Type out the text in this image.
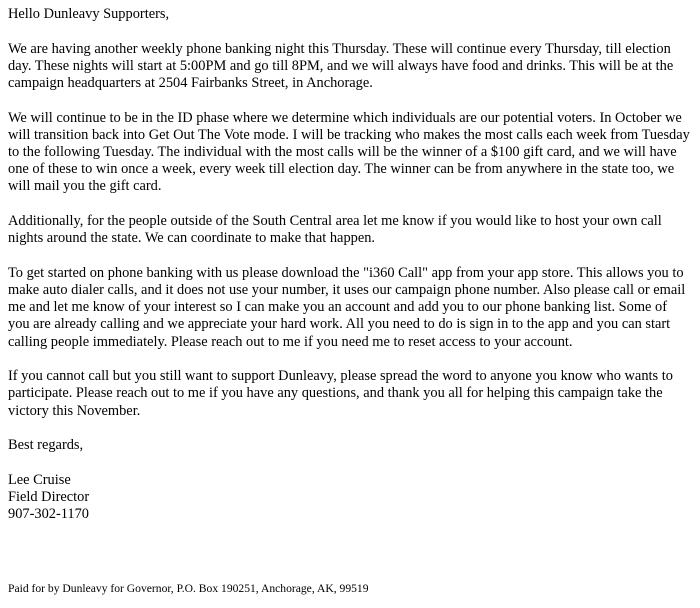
Hello Dunleavy Supporters,

We are having another weekly phone banking night this Thursday. These will continue every Thursday, till election day. These nights will start at 5:00PM and go till 8PM, and we will always have food and drinks. This will be at the campaign headquarters at 2504 Fairbanks Street, in Anchorage.

We will continue to be in the ID phase where we determine which individuals are our potential voters. In October we will transition back into Get Out The Vote mode. I will be tracking who makes the most calls each week from Tuesday to the following Tuesday. The individual with the most calls will be the winner of a $100 gift card, and we will have one of these to win once a week, every week till election day. The winner can be from anywhere in the state too, we will mail you the gift card.

Additionally, for the people outside of the South Central area let me know if you would like to host your own call nights around the state. We can coordinate to make that happen.

To get started on phone banking with us please download the "i360 Call" app from your app store. This allows you to make auto dialer calls, and it does not use your number, it uses our campaign phone number. Also please call or email me and let me know of your interest so I can make you an account and add you to our phone banking list. Some of you are already calling and we appreciate your hard work. All you need to do is sign in to the app and you can start calling people immediately. Please reach out to me if you need me to reset access to your account.

If you cannot call but you still want to support Dunleavy, please spread the word to anyone you know who wants to participate. Please reach out to me if you have any questions, and thank you all for helping this campaign take the victory this November.

Best regards,

Lee Cruise
Field Director
907-302-1170

Paid for by Dunleavy for Governor, P.O. Box 190251, Anchorage, AK, 99519
